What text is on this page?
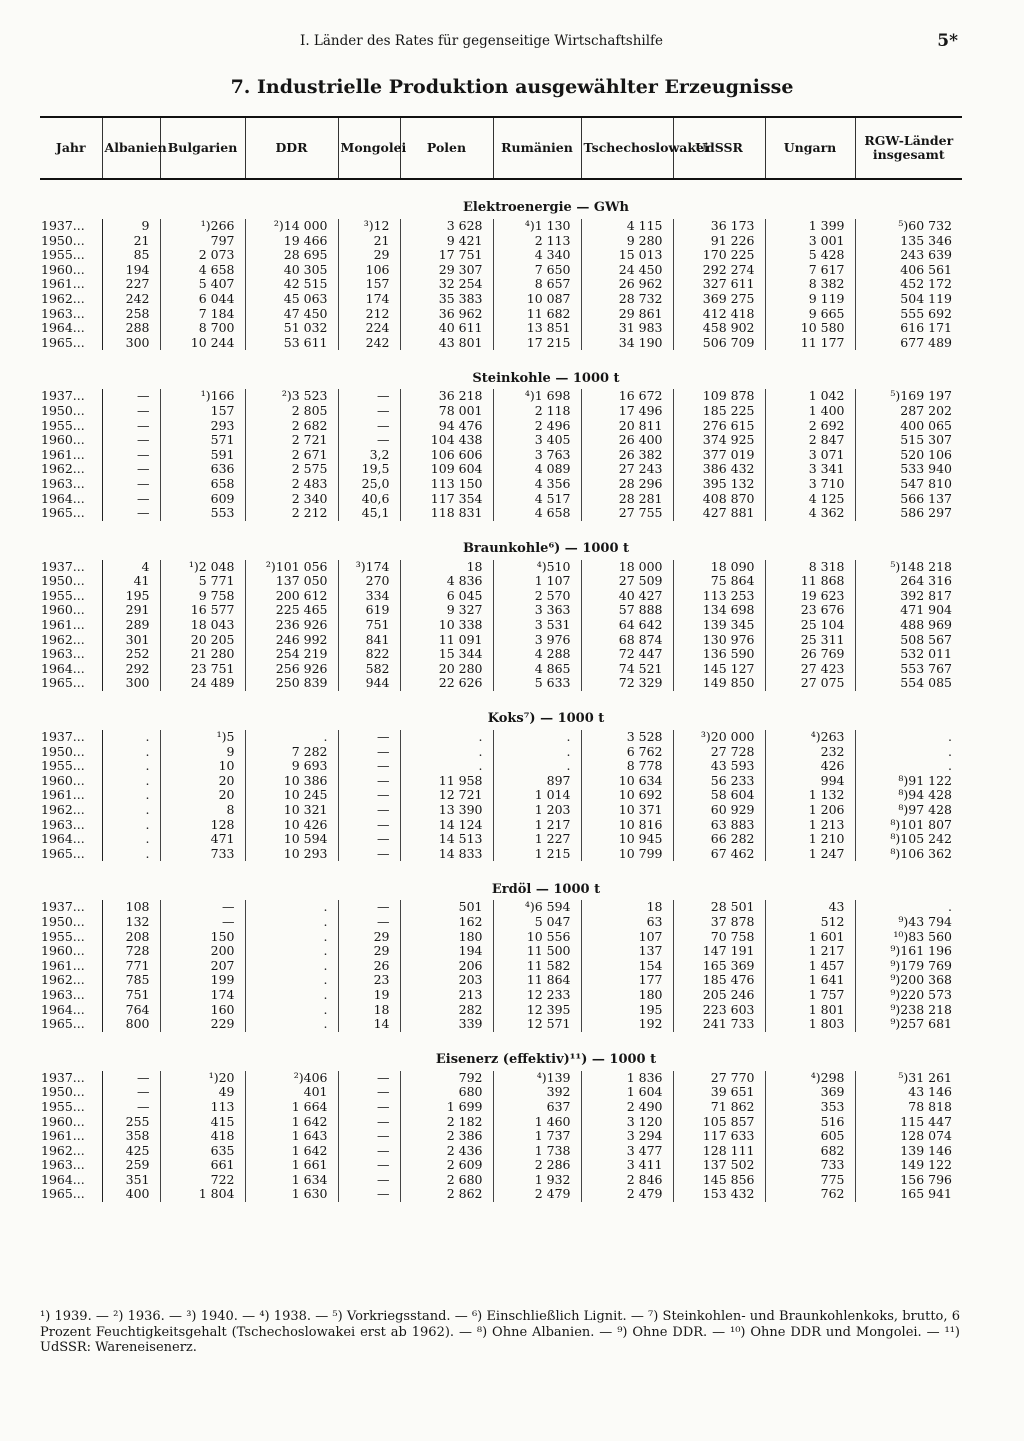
I. Länder des Rates für gegenseitige Wirtschaftshilfe	5*
7. Industrielle Produktion ausgewählter Erzeugnisse
Jahr	Albanien	Bulgarien	DDR	Mongolei	Polen	Rumänien	Tschechoslowakei	UdSSR	Ungarn	RGW-Länder insgesamt
Elektroenergie — GWh										
1937...	9	¹)266	²)14 000	³)12	3 628	⁴)1 130	4 115	36 173	1 399	⁵)60 732
1950...	21	797	19 466	21	9 421	2 113	9 280	91 226	3 001	135 346
1955...	85	2 073	28 695	29	17 751	4 340	15 013	170 225	5 428	243 639
1960...	194	4 658	40 305	106	29 307	7 650	24 450	292 274	7 617	406 561
1961...	227	5 407	42 515	157	32 254	8 657	26 962	327 611	8 382	452 172
1962...	242	6 044	45 063	174	35 383	10 087	28 732	369 275	9 119	504 119
1963...	258	7 184	47 450	212	36 962	11 682	29 861	412 418	9 665	555 692
1964...	288	8 700	51 032	224	40 611	13 851	31 983	458 902	10 580	616 171
1965...	300	10 244	53 611	242	43 801	17 215	34 190	506 709	11 177	677 489
Steinkohle — 1000 t										
1937...	—	¹)166	²)3 523	—	36 218	⁴)1 698	16 672	109 878	1 042	⁵)169 197
1950...	—	157	2 805	—	78 001	2 118	17 496	185 225	1 400	287 202
1955...	—	293	2 682	—	94 476	2 496	20 811	276 615	2 692	400 065
1960...	—	571	2 721	—	104 438	3 405	26 400	374 925	2 847	515 307
1961...	—	591	2 671	3,2	106 606	3 763	26 382	377 019	3 071	520 106
1962...	—	636	2 575	19,5	109 604	4 089	27 243	386 432	3 341	533 940
1963...	—	658	2 483	25,0	113 150	4 356	28 296	395 132	3 710	547 810
1964...	—	609	2 340	40,6	117 354	4 517	28 281	408 870	4 125	566 137
1965...	—	553	2 212	45,1	118 831	4 658	27 755	427 881	4 362	586 297
Braunkohle⁶) — 1000 t										
1937...	4	¹)2 048	²)101 056	³)174	18	⁴)510	18 000	18 090	8 318	⁵)148 218
1950...	41	5 771	137 050	270	4 836	1 107	27 509	75 864	11 868	264 316
1955...	195	9 758	200 612	334	6 045	2 570	40 427	113 253	19 623	392 817
1960...	291	16 577	225 465	619	9 327	3 363	57 888	134 698	23 676	471 904
1961...	289	18 043	236 926	751	10 338	3 531	64 642	139 345	25 104	488 969
1962...	301	20 205	246 992	841	11 091	3 976	68 874	130 976	25 311	508 567
1963...	252	21 280	254 219	822	15 344	4 288	72 447	136 590	26 769	532 011
1964...	292	23 751	256 926	582	20 280	4 865	74 521	145 127	27 423	553 767
1965...	300	24 489	250 839	944	22 626	5 633	72 329	149 850	27 075	554 085
Koks⁷) — 1000 t										
1937...	.	¹)5	.	—	.	.	3 528	³)20 000	⁴)263	.
1950...	.	9	7 282	—	.	.	6 762	27 728	232	.
1955...	.	10	9 693	—	.	.	8 778	43 593	426	.
1960...	.	20	10 386	—	11 958	897	10 634	56 233	994	⁸)91 122
1961...	.	20	10 245	—	12 721	1 014	10 692	58 604	1 132	⁸)94 428
1962...	.	8	10 321	—	13 390	1 203	10 371	60 929	1 206	⁸)97 428
1963...	.	128	10 426	—	14 124	1 217	10 816	63 883	1 213	⁸)101 807
1964...	.	471	10 594	—	14 513	1 227	10 945	66 282	1 210	⁸)105 242
1965...	.	733	10 293	—	14 833	1 215	10 799	67 462	1 247	⁸)106 362
Erdöl — 1000 t										
1937...	108	—	.	—	501	⁴)6 594	18	28 501	43	.
1950...	132	—	.	—	162	5 047	63	37 878	512	⁹)43 794
1955...	208	150	.	29	180	10 556	107	70 758	1 601	¹⁰)83 560
1960...	728	200	.	29	194	11 500	137	147 191	1 217	⁹)161 196
1961...	771	207	.	26	206	11 582	154	165 369	1 457	⁹)179 769
1962...	785	199	.	23	203	11 864	177	185 476	1 641	⁹)200 368
1963...	751	174	.	19	213	12 233	180	205 246	1 757	⁹)220 573
1964...	764	160	.	18	282	12 395	195	223 603	1 801	⁹)238 218
1965...	800	229	.	14	339	12 571	192	241 733	1 803	⁹)257 681
Eisenerz (effektiv)¹¹) — 1000 t										
1937...	—	¹)20	²)406	—	792	⁴)139	1 836	27 770	⁴)298	⁵)31 261
1950...	—	49	401	—	680	392	1 604	39 651	369	43 146
1955...	—	113	1 664	—	1 699	637	2 490	71 862	353	78 818
1960...	255	415	1 642	—	2 182	1 460	3 120	105 857	516	115 447
1961...	358	418	1 643	—	2 386	1 737	3 294	117 633	605	128 074
1962...	425	635	1 642	—	2 436	1 738	3 477	128 111	682	139 146
1963...	259	661	1 661	—	2 609	2 286	3 411	137 502	733	149 122
1964...	351	722	1 634	—	2 680	1 932	2 846	145 856	775	156 796
1965...	400	1 804	1 630	—	2 862	2 479	2 479	153 432	762	165 941
¹) 1939. — ²) 1936. — ³) 1940. — ⁴) 1938. — ⁵) Vorkriegsstand. — ⁶) Einschließlich Lignit. — ⁷) Steinkohlen- und Braunkohlenkoks, brutto, 6 Prozent Feuchtigkeitsgehalt (Tschechoslowakei erst ab 1962). — ⁸) Ohne Albanien. — ⁹) Ohne DDR. — ¹⁰) Ohne DDR und Mongolei. — ¹¹) UdSSR: Wareneisenerz.
